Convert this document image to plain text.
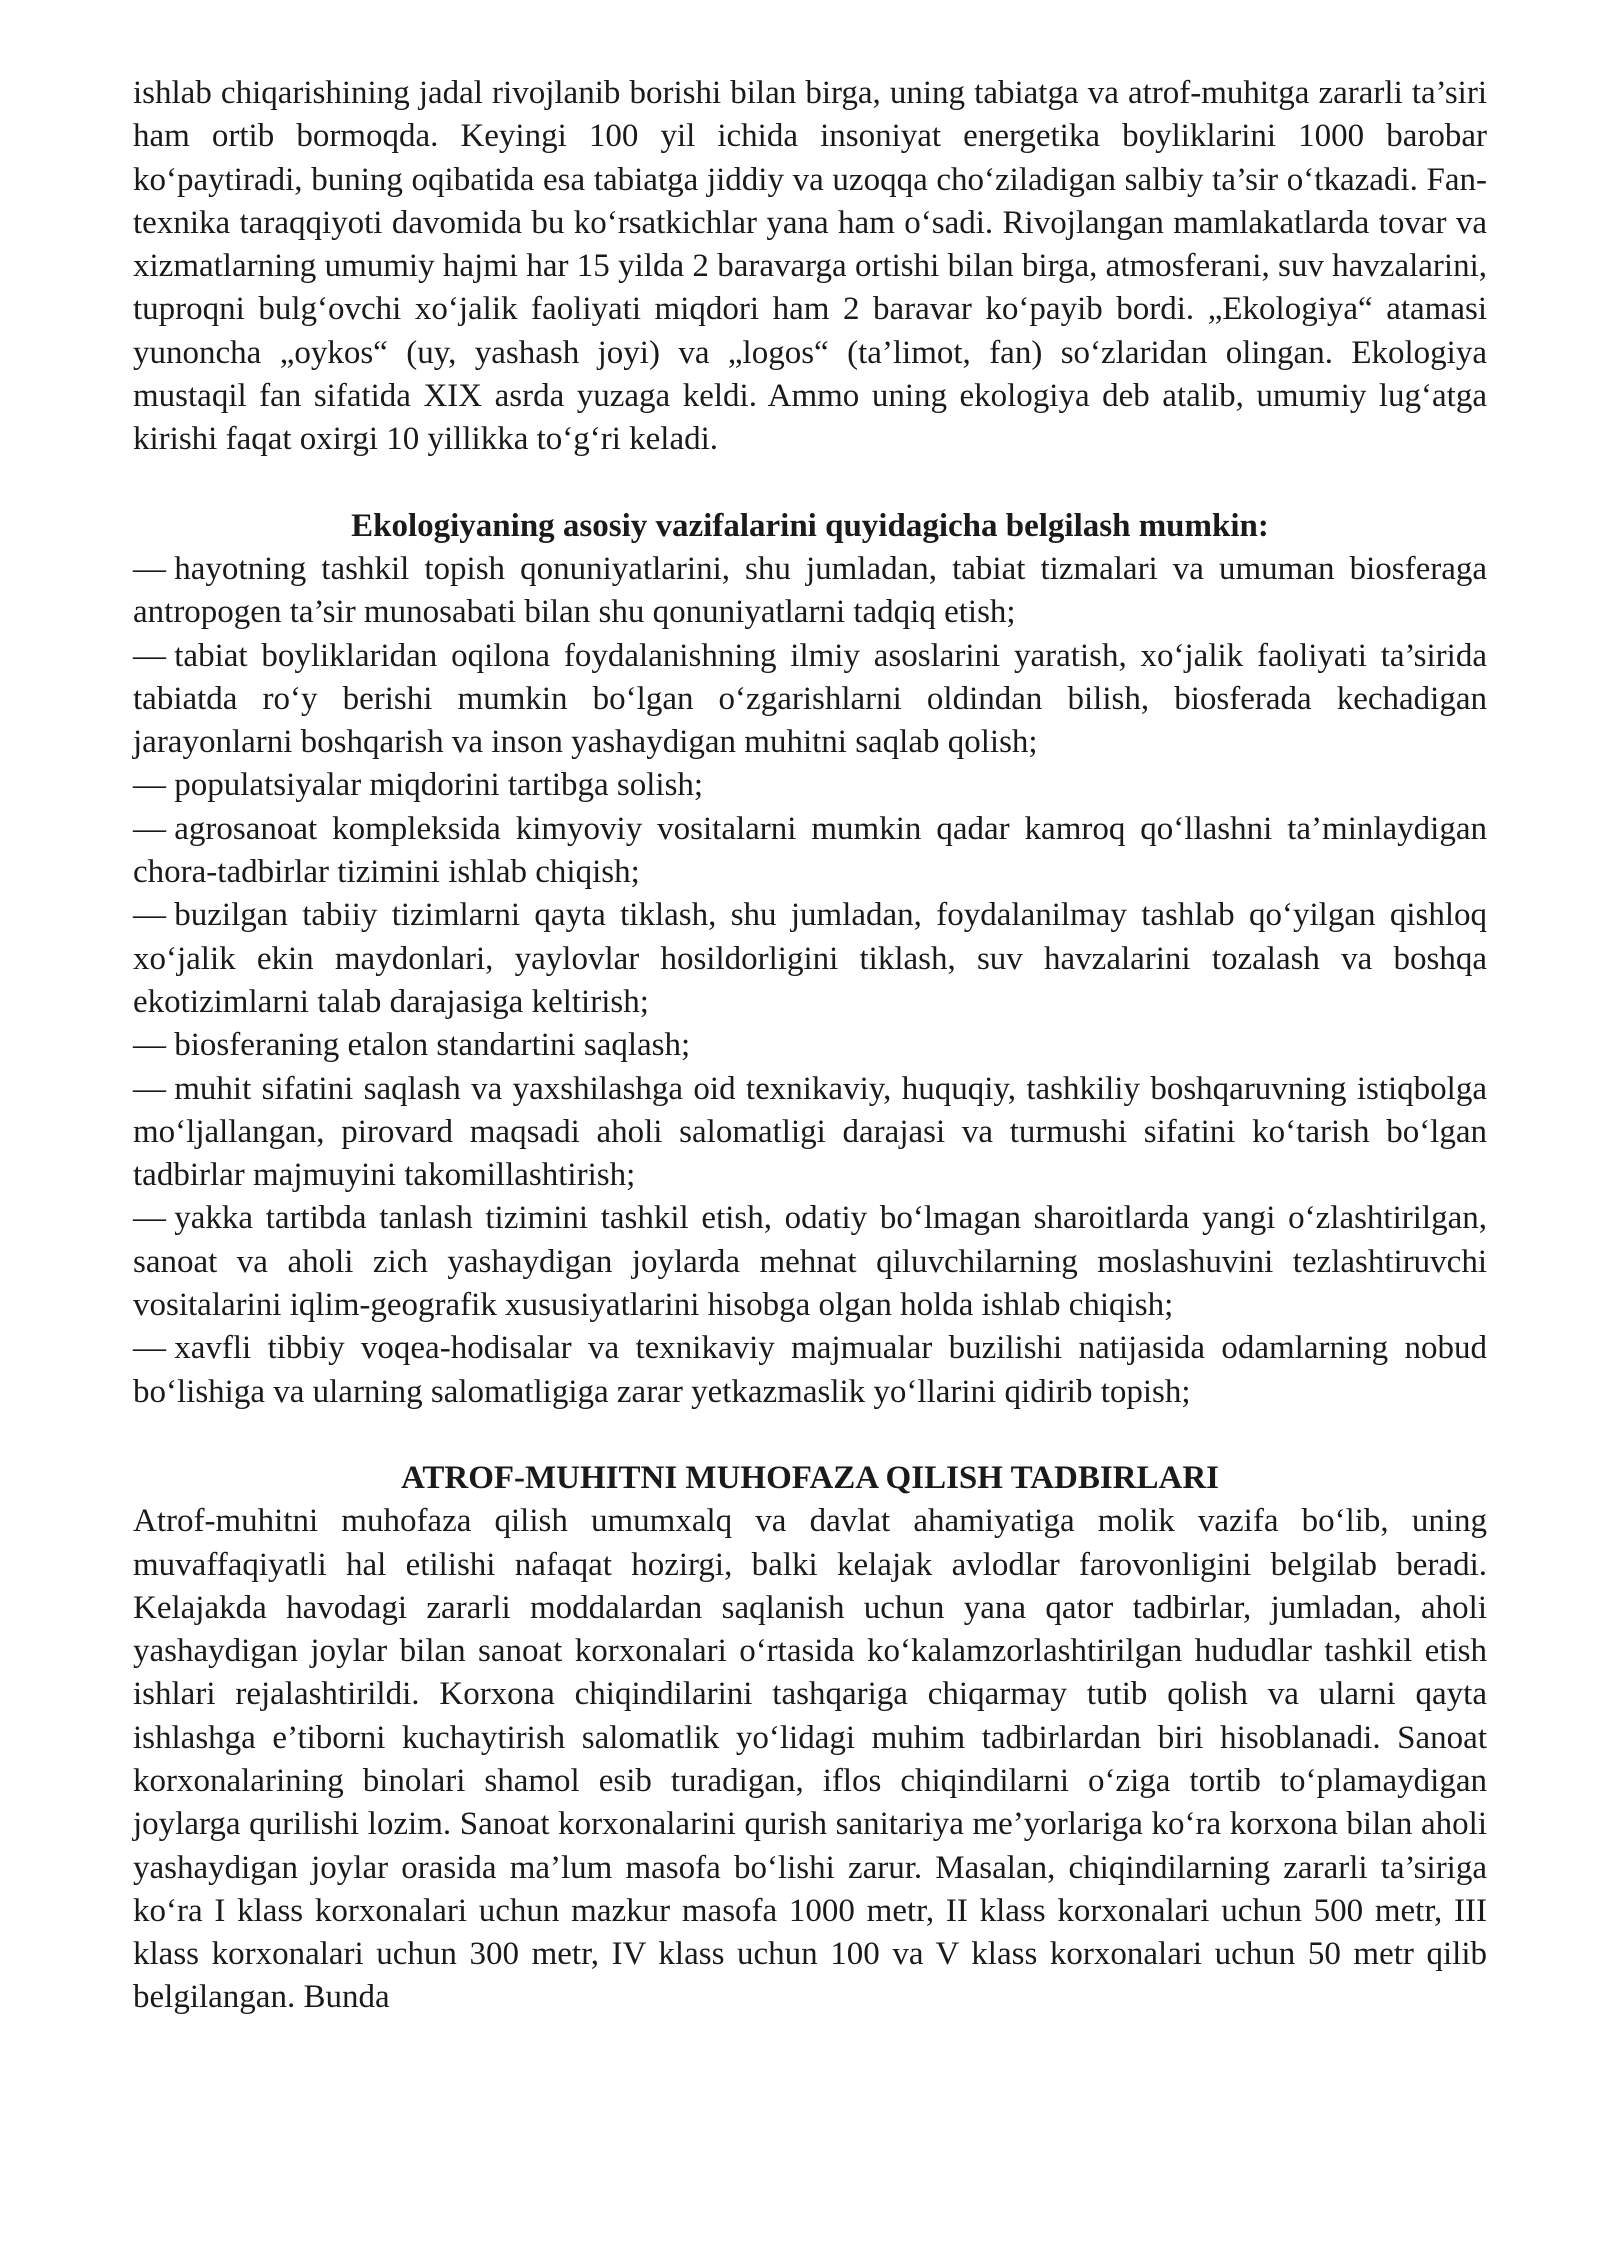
ishlab chiqarishining jadal rivojlanib borishi bilan birga, uning tabiatga va atrof-muhitga zararli ta’siri ham ortib bormoqda. Keyingi 100 yil ichida insoniyat energetika boyliklarini 1000 barobar ko‘paytiradi, buning oqibatida esa tabiatga jiddiy va uzoqqa cho‘ziladigan salbiy ta’sir o‘tkazadi. Fan-texnika taraqqiyoti davomida bu ko‘rsatkichlar yana ham o‘sadi. Rivojlangan mamlakatlarda tovar va xizmatlarning umumiy hajmi har 15 yilda 2 baravarga ortishi bilan birga, atmosferani, suv havzalarini, tuproqni bulg‘ovchi xo‘jalik faoliyati miqdori ham 2 baravar ko‘payib bordi. „Ekologiya“ atamasi yunoncha „oykos“ (uy, yashash joyi) va „logos“ (ta’limot, fan) so‘zlaridan olingan. Ekologiya mustaqil fan sifatida XIX asrda yuzaga keldi. Ammo uning ekologiya deb atalib, umumiy lug‘atga kirishi faqat oxirgi 10 yillikka to‘g‘ri keladi.

Ekologiyaning asosiy vazifalarini quyidagicha belgilash mumkin:
— hayotning tashkil topish qonuniyatlarini, shu jumladan, tabiat tizmalari va umuman biosferaga antropogen ta’sir munosabati bilan shu qonuniyatlarni tadqiq etish;
— tabiat boyliklaridan oqilona foydalanishning ilmiy asoslarini yaratish, xo‘jalik faoliyati ta’sirida tabiatda ro‘y berishi mumkin bo‘lgan o‘zgarishlarni oldindan bilish, biosferada kechadigan jarayonlarni boshqarish va inson yashaydigan muhitni saqlab qolish;
— populatsiyalar miqdorini tartibga solish;
— agrosanoat kompleksida kimyoviy vositalarni mumkin qadar kamroq qo‘llashni ta’minlaydigan chora-tadbirlar tizimini ishlab chiqish;
— buzilgan tabiiy tizimlarni qayta tiklash, shu jumladan, foydalanilmay tashlab qo‘yilgan qishloq xo‘jalik ekin maydonlari, yaylovlar hosildorligini tiklash, suv havzalarini tozalash va boshqa ekotizimlarni talab darajasiga keltirish;
— biosferaning etalon standartini saqlash;
— muhit sifatini saqlash va yaxshilashga oid texnikaviy, huquqiy, tashkiliy boshqaruvning istiqbolga mo‘ljallangan, pirovard maqsadi aholi salomatligi darajasi va turmushi sifatini ko‘tarish bo‘lgan tadbirlar majmuyini takomillashtirish;
— yakka tartibda tanlash tizimini tashkil etish, odatiy bo‘lmagan sharoitlarda yangi o‘zlashtirilgan, sanoat va aholi zich yashaydigan joylarda mehnat qiluvchilarning moslashuvini tezlashtiruvchi vositalarini iqlim-geografik xususiyatlarini hisobga olgan holda ishlab chiqish;
— xavfli tibbiy voqea-hodisalar va texnikaviy majmualar buzilishi natijasida odamlarning nobud bo‘lishiga va ularning salomatligiga zarar yetkazmaslik yo‘llarini qidirib topish;
ATROF-MUHITNI MUHOFAZA QILISH TADBIRLARI

Atrof-muhitni muhofaza qilish umumxalq va davlat ahamiyatiga molik vazifa bo‘lib, uning muvaffaqiyatli hal etilishi nafaqat hozirgi, balki kelajak avlodlar farovonligini belgilab beradi. Kelajakda havodagi zararli moddalardan saqlanish uchun yana qator tadbirlar, jumladan, aholi yashaydigan joylar bilan sanoat korxonalari o‘rtasida ko‘kalamzorlashtirilgan hududlar tashkil etish ishlari rejalashtirildi. Korxona chiqindilarini tashqariga chiqarmay tutib qolish va ularni qayta ishlashga e’tiborni kuchaytirish salomatlik yo‘lidagi muhim tadbirlardan biri hisoblanadi. Sanoat korxonalarining binolari shamol esib turadigan, iflos chiqindilarni o‘ziga tortib to‘plamaydigan joylarga qurilishi lozim. Sanoat korxonalarini qurish sanitariya me’yorlariga ko‘ra korxona bilan aholi yashaydigan joylar orasida ma’lum masofa bo‘lishi zarur. Masalan, chiqindilarning zararli ta’siriga ko‘ra I klass korxonalari uchun mazkur masofa 1000 metr, II klass korxonalari uchun 500 metr, III klass korxonalari uchun 300 metr, IV klass uchun 100 va V klass korxonalari uchun 50 metr qilib belgilangan. Bunda
